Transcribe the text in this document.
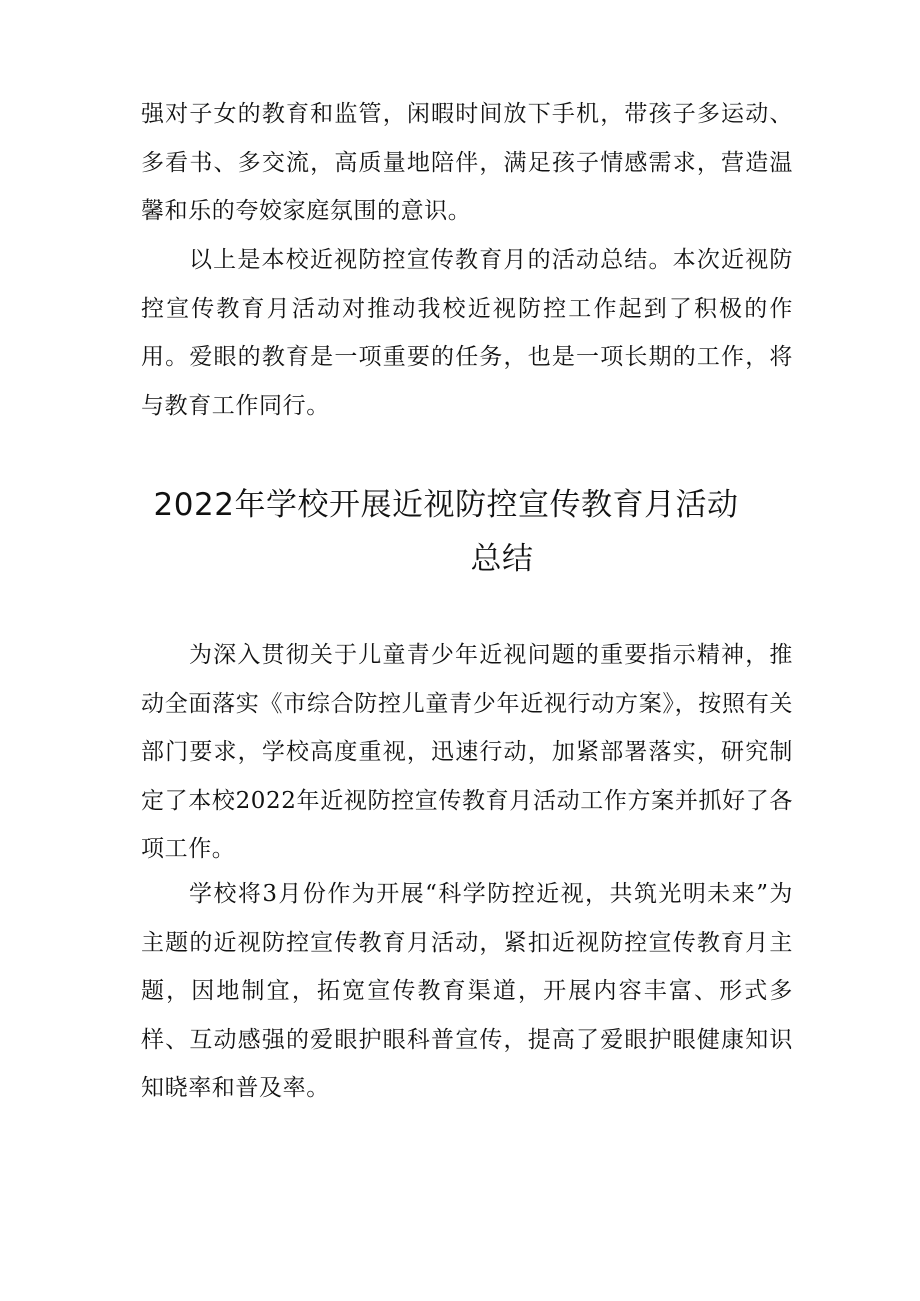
强对子女的教育和监管，闲暇时间放下手机，带孩子多运动、多看书、多交流，高质量地陪伴，满足孩子情感需求，营造温馨和乐的夸姣家庭氛围的意识。

以上是本校近视防控宣传教育月的活动总结。本次近视防控宣传教育月活动对推动我校近视防控工作起到了积极的作用。爱眼的教育是一项重要的任务，也是一项长期的工作，将与教育工作同行。

2022年学校开展近视防控宣传教育月活动
总结

为深入贯彻关于儿童青少年近视问题的重要指示精神，推动全面落实《市综合防控儿童青少年近视行动方案》，按照有关部门要求，学校高度重视，迅速行动，加紧部署落实，研究制定了本校2022年近视防控宣传教育月活动工作方案并抓好了各项工作。

学校将3月份作为开展“科学防控近视，共筑光明未来”为主题的近视防控宣传教育月活动，紧扣近视防控宣传教育月主题，因地制宜，拓宽宣传教育渠道，开展内容丰富、形式多样、互动感强的爱眼护眼科普宣传，提高了爱眼护眼健康知识知晓率和普及率。
